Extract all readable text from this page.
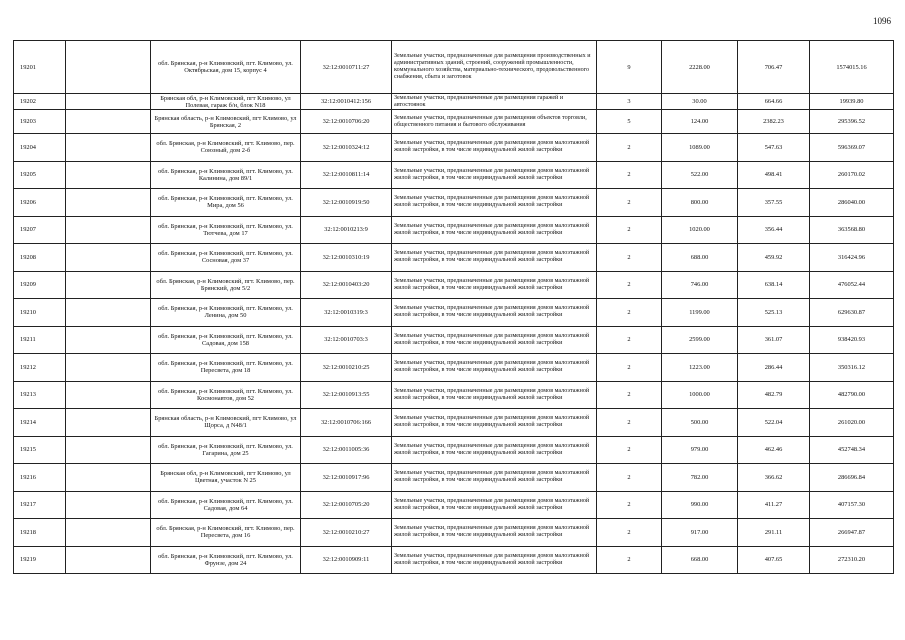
1096
19201		обл. Брянская, р-н Климовский, пгт. Климово, ул. Октябрьская, дом 15, корпус 4	32:12:0010711:27	Земельные участки, предназначенные для размещения производственных и административных зданий, строений, сооружений промышленности, коммунального хозяйства, материально-технического, продовольственного снабжения, сбыта и заготовок	9	2228.00	706.47	1574015.16
19202		Брянская обл, р-н Климовский, пгт Климово, ул Полевая, гараж б/н, блок N18	32:12:0010412:156	Земельные участки, предназначенные для размещения гаражей и автостоянок	3	30.00	664.66	19939.80
19203		Брянская область, р-н Климовский, пгт Климово, ул Брянская, 2	32:12:0010706:20	Земельные участки, предназначенные для размещения объектов торговли, общественного питания и бытового обслуживания	5	124.00	2382.23	295396.52
19204		обл. Брянская, р-н Климовский, пгт. Климово, пер. Союзный, дом 2-б	32:12:0010324:12	Земельные участки, предназначенные для размещения домов малоэтажной жилой застройки, в том числе индивидуальной жилой застройки	2	1089.00	547.63	596369.07
19205		обл. Брянская, р-н Климовский, пгт. Климово, ул. Калинина, дом 89/1	32:12:0010811:14	Земельные участки, предназначенные для размещения домов малоэтажной жилой застройки, в том числе индивидуальной жилой застройки	2	522.00	498.41	260170.02
19206		обл. Брянская, р-н Климовский, пгт. Климово, ул. Мира, дом 56	32:12:0010919:50	Земельные участки, предназначенные для размещения домов малоэтажной жилой застройки, в том числе индивидуальной жилой застройки	2	800.00	357.55	286040.00
19207		обл. Брянская, р-н Климовский, пгт. Климово, ул. Тютчева, дом 17	32:12:0010213:9	Земельные участки, предназначенные для размещения домов малоэтажной жилой застройки, в том числе индивидуальной жилой застройки	2	1020.00	356.44	363568.80
19208		обл. Брянская, р-н Климовский, пгт. Климово, ул. Сосновая, дом 37	32:12:0010310:19	Земельные участки, предназначенные для размещения домов малоэтажной жилой застройки, в том числе индивидуальной жилой застройки	2	688.00	459.92	316424.96
19209		обл. Брянская, р-н Климовский, пгт. Климово, пер. Брянский, дом 5/2	32:12:0010403:20	Земельные участки, предназначенные для размещения домов малоэтажной жилой застройки, в том числе индивидуальной жилой застройки	2	746.00	638.14	476052.44
19210		обл. Брянская, р-н Климовский, пгт. Климово, ул. Ленина, дом 50	32:12:0010319:3	Земельные участки, предназначенные для размещения домов малоэтажной жилой застройки, в том числе индивидуальной жилой застройки	2	1199.00	525.13	629630.87
19211		обл. Брянская, р-н Климовский, пгт. Климово, ул. Садовая, дом 158	32:12:0010703:3	Земельные участки, предназначенные для размещения домов малоэтажной жилой застройки, в том числе индивидуальной жилой застройки	2	2599.00	361.07	938420.93
19212		обл. Брянская, р-н Климовский, пгт. Климово, ул. Пересвета, дом 18	32:12:0010210:25	Земельные участки, предназначенные для размещения домов малоэтажной жилой застройки, в том числе индивидуальной жилой застройки	2	1223.00	286.44	350316.12
19213		обл. Брянская, р-н Климовский, пгт. Климово, ул. Космонавтов, дом 52	32:12:0010913:55	Земельные участки, предназначенные для размещения домов малоэтажной жилой застройки, в том числе индивидуальной жилой застройки	2	1000.00	482.79	482790.00
19214		Брянская область, р-н Климовский, пгт Климово, ул Щорса, д N48/1	32:12:0010706:166	Земельные участки, предназначенные для размещения домов малоэтажной жилой застройки, в том числе индивидуальной жилой застройки	2	500.00	522.04	261020.00
19215		обл. Брянская, р-н Климовский, пгт. Климово, ул. Гагарина, дом 25	32:12:0011005:36	Земельные участки, предназначенные для размещения домов малоэтажной жилой застройки, в том числе индивидуальной жилой застройки	2	979.00	462.46	452748.34
19216		Брянская обл, р-н Климовский, пгт Климово, ул Цветная, участок N 25	32:12:0010917:96	Земельные участки, предназначенные для размещения домов малоэтажной жилой застройки, в том числе индивидуальной жилой застройки	2	782.00	366.62	286696.84
19217		обл. Брянская, р-н Климовский, пгт. Климово, ул. Садовая, дом 64	32:12:0010705:20	Земельные участки, предназначенные для размещения домов малоэтажной жилой застройки, в том числе индивидуальной жилой застройки	2	990.00	411.27	407157.30
19218		обл. Брянская, р-н Климовский, пгт. Климово, пер. Пересвета, дом 16	32:12:0010210:27	Земельные участки, предназначенные для размещения домов малоэтажной жилой застройки, в том числе индивидуальной жилой застройки	2	917.00	291.11	266947.87
19219		обл. Брянская, р-н Климовский, пгт. Климово, ул. Фрунзе, дом 24	32:12:0010909:11	Земельные участки, предназначенные для размещения домов малоэтажной жилой застройки, в том числе индивидуальной жилой застройки	2	668.00	407.65	272310.20
